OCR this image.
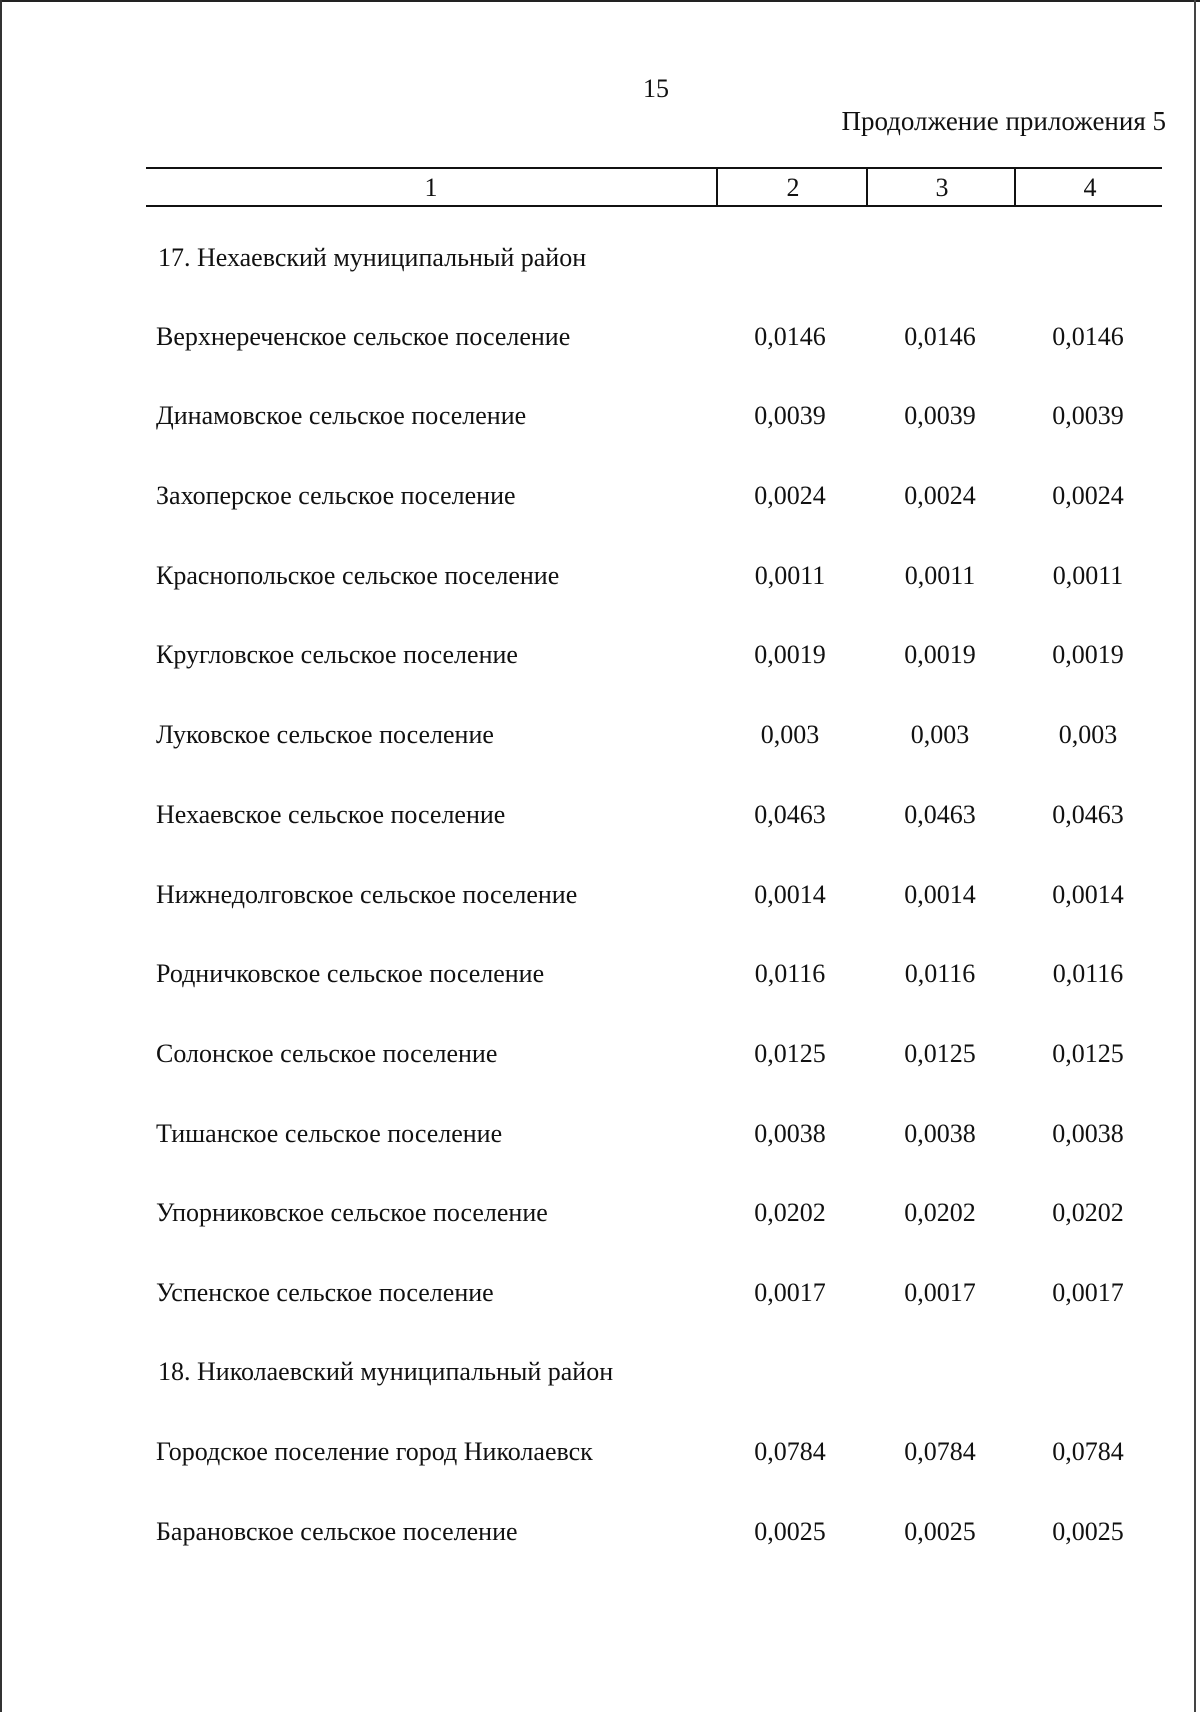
15
Продолжение приложения 5
1	2	3	4
17. Нехаевский муниципальный район
Верхнереченское сельское поселение	0,0146	0,0146	0,0146
Динамовское сельское поселение	0,0039	0,0039	0,0039
Захоперское сельское поселение	0,0024	0,0024	0,0024
Краснопольское сельское поселение	0,0011	0,0011	0,0011
Кругловское сельское поселение	0,0019	0,0019	0,0019
Луковское сельское поселение	0,003	0,003	0,003
Нехаевское сельское поселение	0,0463	0,0463	0,0463
Нижнедолговское сельское поселение	0,0014	0,0014	0,0014
Родничковское сельское поселение	0,0116	0,0116	0,0116
Солонское сельское поселение	0,0125	0,0125	0,0125
Тишанское сельское поселение	0,0038	0,0038	0,0038
Упорниковское сельское поселение	0,0202	0,0202	0,0202
Успенское сельское поселение	0,0017	0,0017	0,0017
18. Николаевский муниципальный район
Городское поселение город Николаевск	0,0784	0,0784	0,0784
Барановское сельское поселение	0,0025	0,0025	0,0025
